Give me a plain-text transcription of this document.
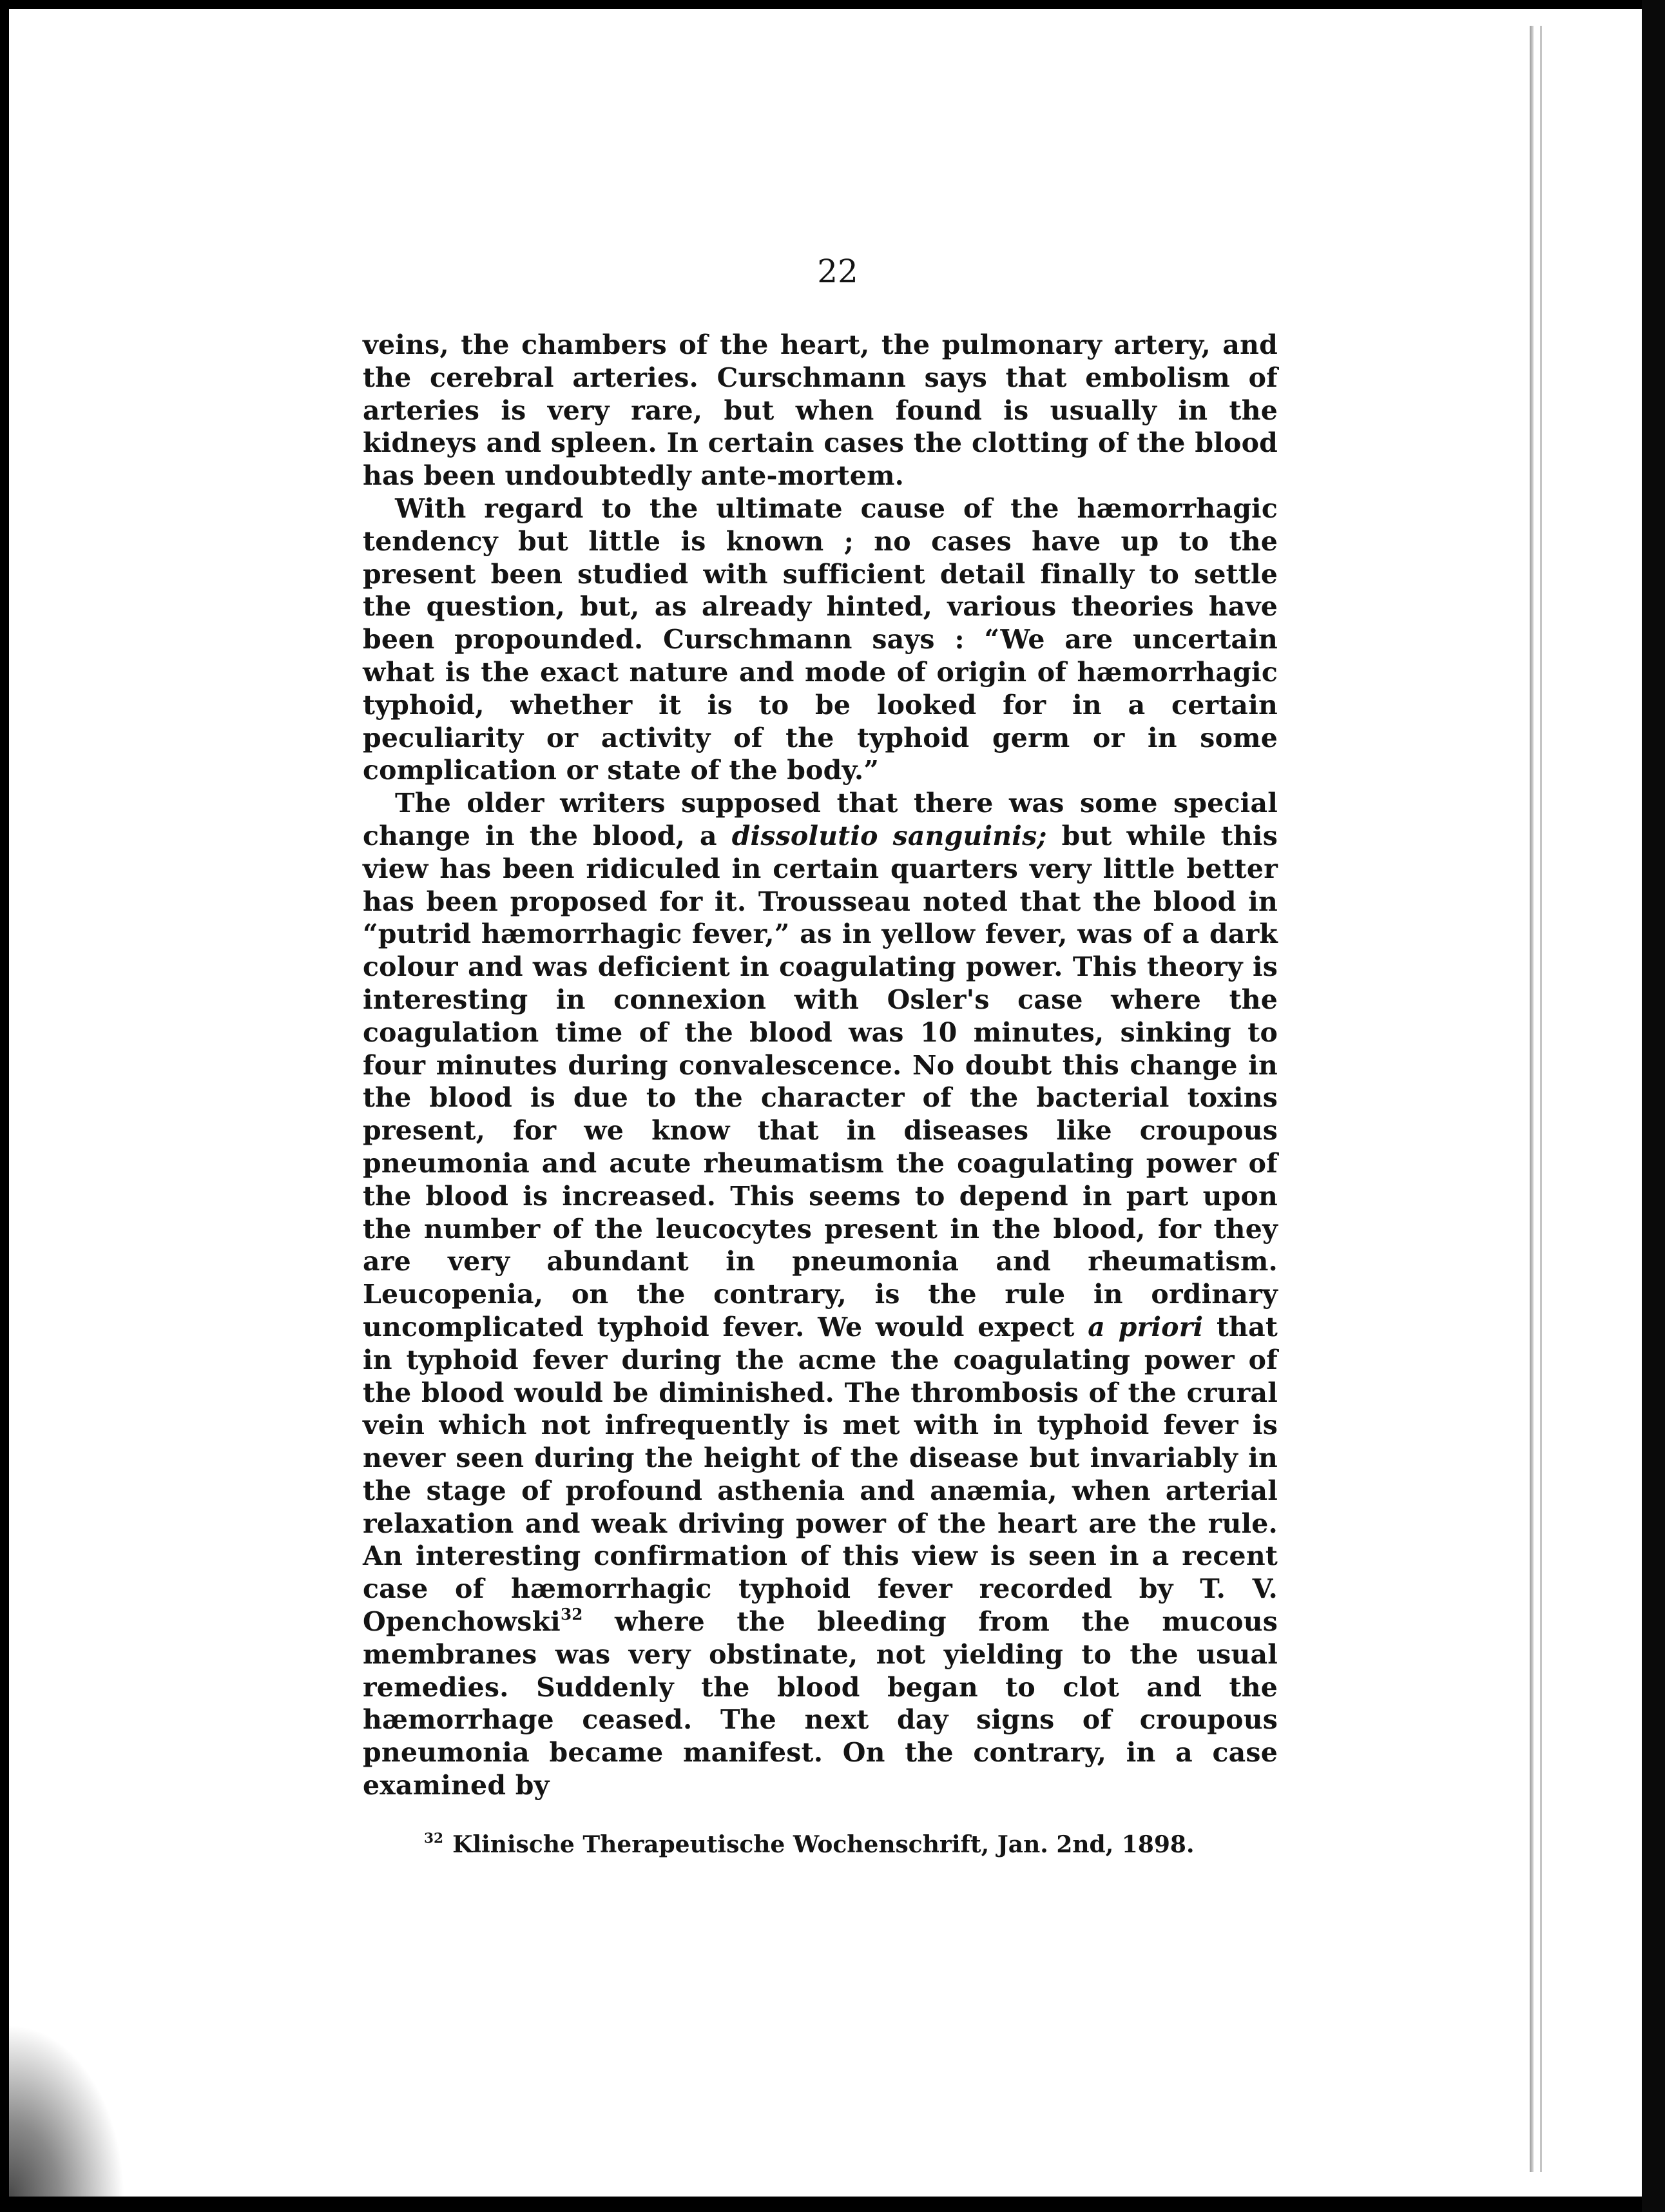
22

veins, the chambers of the heart, the pulmonary artery, and the cerebral arteries. Curschmann says that embolism of arteries is very rare, but when found is usually in the kidneys and spleen. In certain cases the clotting of the blood has been undoubtedly ante-mortem.

With regard to the ultimate cause of the hæmorrhagic tendency but little is known ; no cases have up to the present been studied with sufficient detail finally to settle the question, but, as already hinted, various theories have been propounded. Curschmann says : “We are uncertain what is the exact nature and mode of origin of hæmorrhagic typhoid, whether it is to be looked for in a certain peculiarity or activity of the typhoid germ or in some complication or state of the body.”

The older writers supposed that there was some special change in the blood, a dissolutio sanguinis; but while this view has been ridiculed in certain quarters very little better has been proposed for it. Trousseau noted that the blood in “putrid hæmorrhagic fever,” as in yellow fever, was of a dark colour and was deficient in coagulating power. This theory is interesting in connexion with Osler's case where the coagulation time of the blood was 10 minutes, sinking to four minutes during convalescence. No doubt this change in the blood is due to the character of the bacterial toxins present, for we know that in diseases like croupous pneumonia and acute rheumatism the coagulating power of the blood is increased. This seems to depend in part upon the number of the leucocytes present in the blood, for they are very abundant in pneumonia and rheumatism. Leucopenia, on the contrary, is the rule in ordinary uncomplicated typhoid fever. We would expect a priori that in typhoid fever during the acme the coagulating power of the blood would be diminished. The thrombosis of the crural vein which not infrequently is met with in typhoid fever is never seen during the height of the disease but invariably in the stage of profound asthenia and anæmia, when arterial relaxation and weak driving power of the heart are the rule. An interesting confirmation of this view is seen in a recent case of hæmorrhagic typhoid fever recorded by T. V. Openchowski$^{32}$ where the bleeding from the mucous membranes was very obstinate, not yielding to the usual remedies. Suddenly the blood began to clot and the hæmorrhage ceased. The next day signs of croupous pneumonia became manifest. On the contrary, in a case examined by

$^{32}$ Klinische Therapeutische Wochenschrift, Jan. 2nd, 1898.
